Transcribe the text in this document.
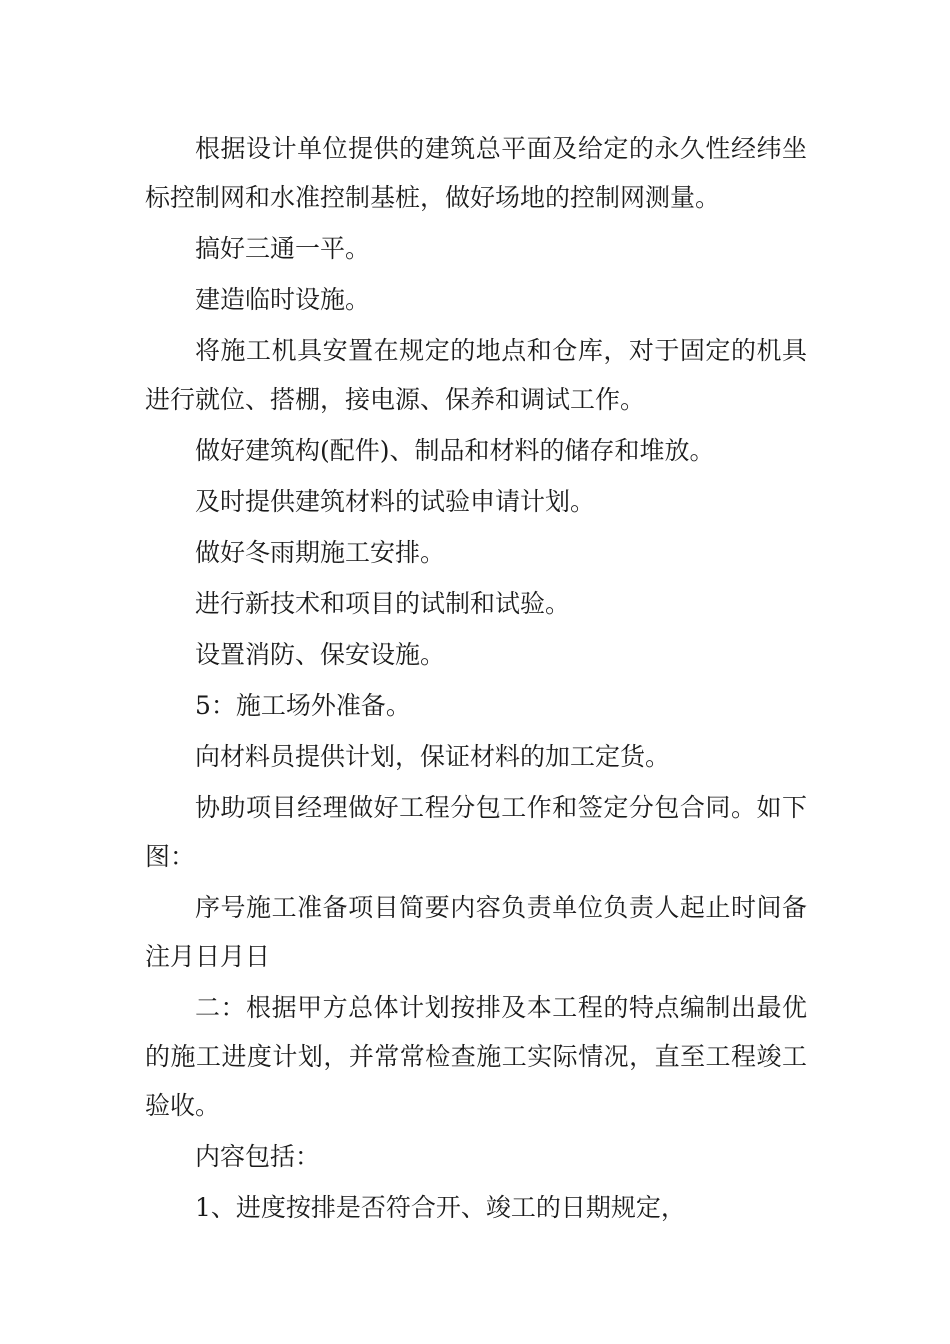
根据设计单位提供的建筑总平面及给定的永久性经纬坐标控制网和水准控制基桩，做好场地的控制网测量。

搞好三通一平。

建造临时设施。

将施工机具安置在规定的地点和仓库，对于固定的机具进行就位、搭棚，接电源、保养和调试工作。

做好建筑构(配件)、制品和材料的储存和堆放。

及时提供建筑材料的试验申请计划。

做好冬雨期施工安排。

进行新技术和项目的试制和试验。

设置消防、保安设施。

5：施工场外准备。

向材料员提供计划，保证材料的加工定货。

协助项目经理做好工程分包工作和签定分包合同。如下图：

序号施工准备项目简要内容负责单位负责人起止时间备注月日月日

二：根据甲方总体计划按排及本工程的特点编制出最优的施工进度计划，并常常检查施工实际情况，直至工程竣工验收。

内容包括：

1、进度按排是否符合开、竣工的日期规定，
